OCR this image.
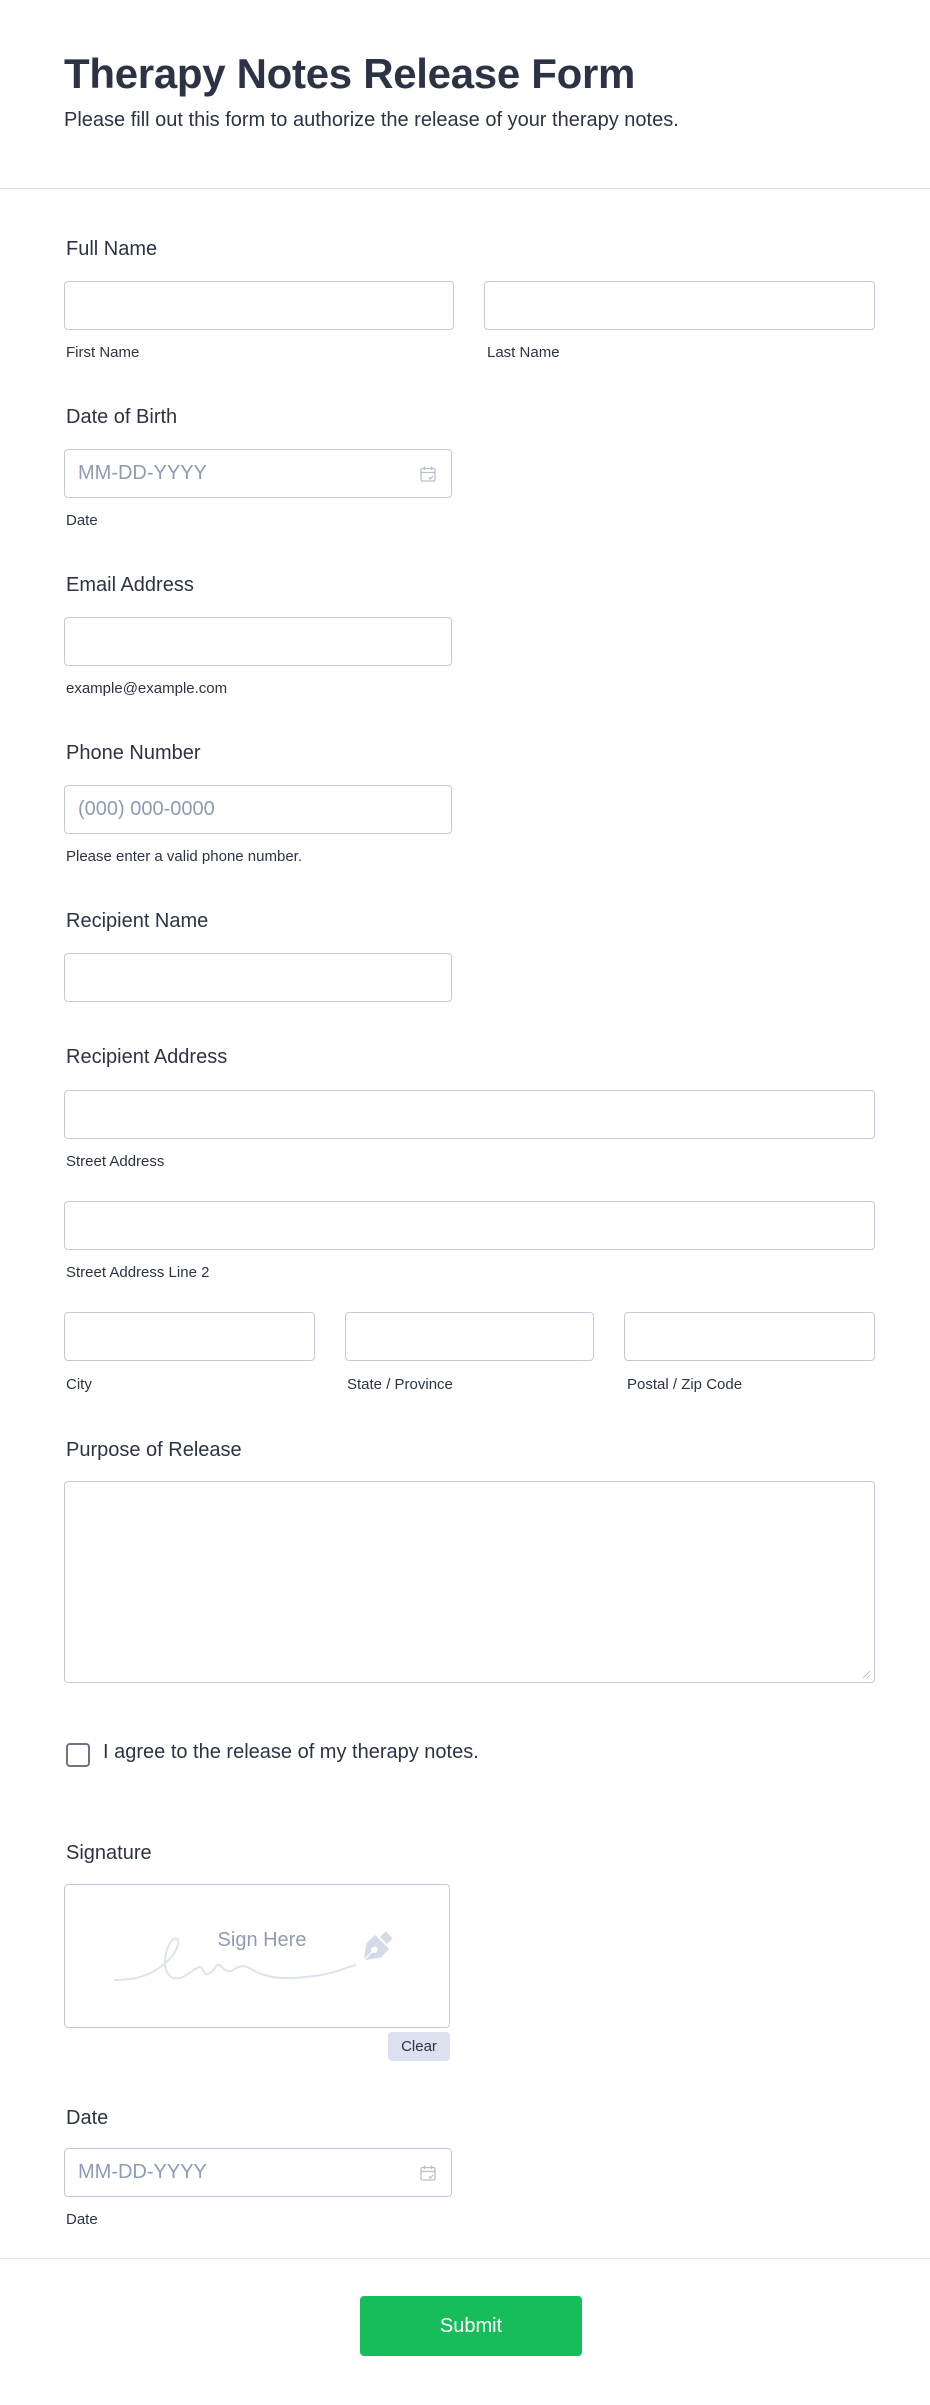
Therapy Notes Release Form

Please fill out this form to authorize the release of your therapy notes.

Full Name
First Name	Last Name
Date of Birth
MM-DD-YYYY
Date
Email Address
example@example.com
Phone Number
(000) 000-0000
Please enter a valid phone number.
Recipient Name
Recipient Address
Street Address
Street Address Line 2
City	State / Province	Postal / Zip Code
Purpose of Release
I agree to the release of my therapy notes.
Signature
Sign Here
Clear
Date
MM-DD-YYYY
Date
Submit
